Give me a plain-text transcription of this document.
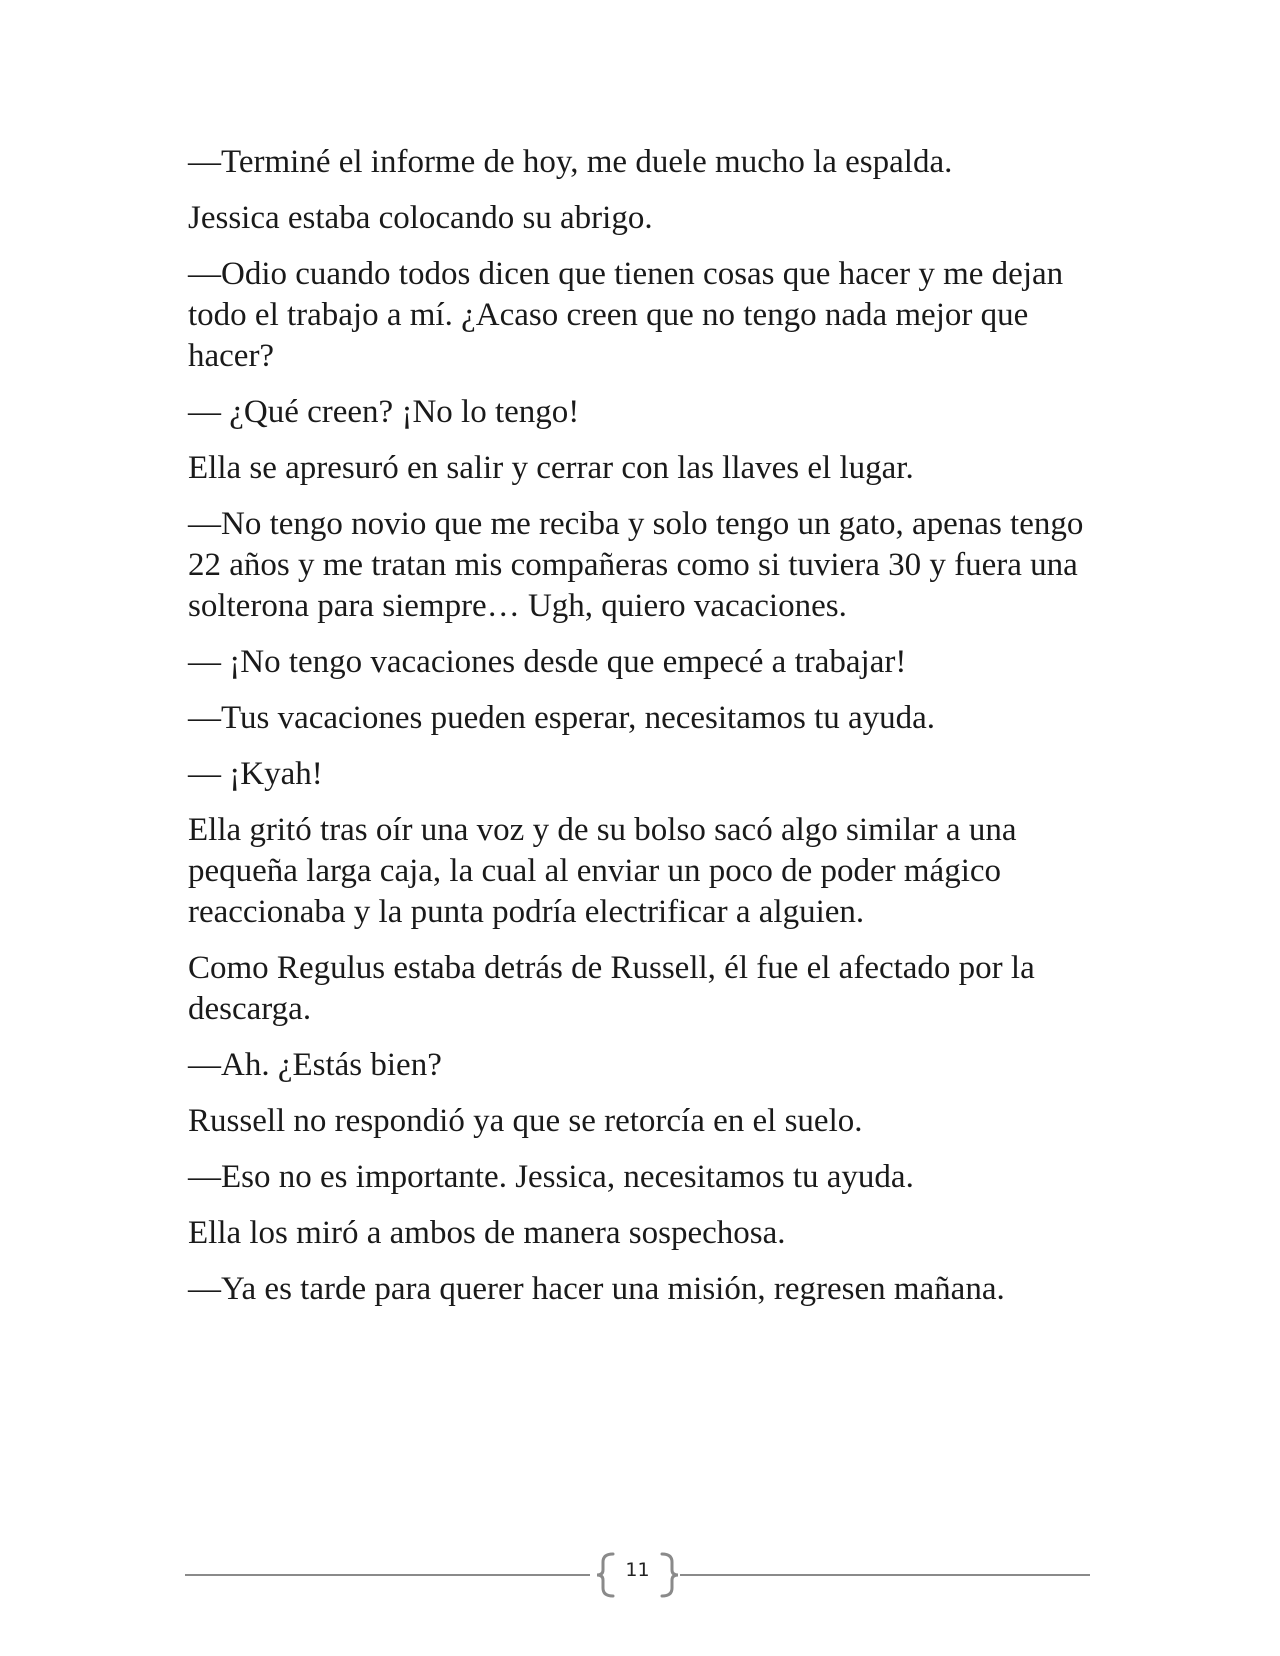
—Terminé el informe de hoy, me duele mucho la espalda.

Jessica estaba colocando su abrigo.

—Odio cuando todos dicen que tienen cosas que hacer y me dejan todo el trabajo a mí. ¿Acaso creen que no tengo nada mejor que hacer?

— ¿Qué creen? ¡No lo tengo!

Ella se apresuró en salir y cerrar con las llaves el lugar.

—No tengo novio que me reciba y solo tengo un gato, apenas tengo 22 años y me tratan mis compañeras como si tuviera 30 y fuera una solterona para siempre… Ugh, quiero vacaciones.

— ¡No tengo vacaciones desde que empecé a trabajar!

—Tus vacaciones pueden esperar, necesitamos tu ayuda.

— ¡Kyah!

Ella gritó tras oír una voz y de su bolso sacó algo similar a una pequeña larga caja, la cual al enviar un poco de poder mágico reaccionaba y la punta podría electrificar a alguien.

Como Regulus estaba detrás de Russell, él fue el afectado por la descarga.

—Ah. ¿Estás bien?

Russell no respondió ya que se retorcía en el suelo.

—Eso no es importante. Jessica, necesitamos tu ayuda.

Ella los miró a ambos de manera sospechosa.

—Ya es tarde para querer hacer una misión, regresen mañana.

11
